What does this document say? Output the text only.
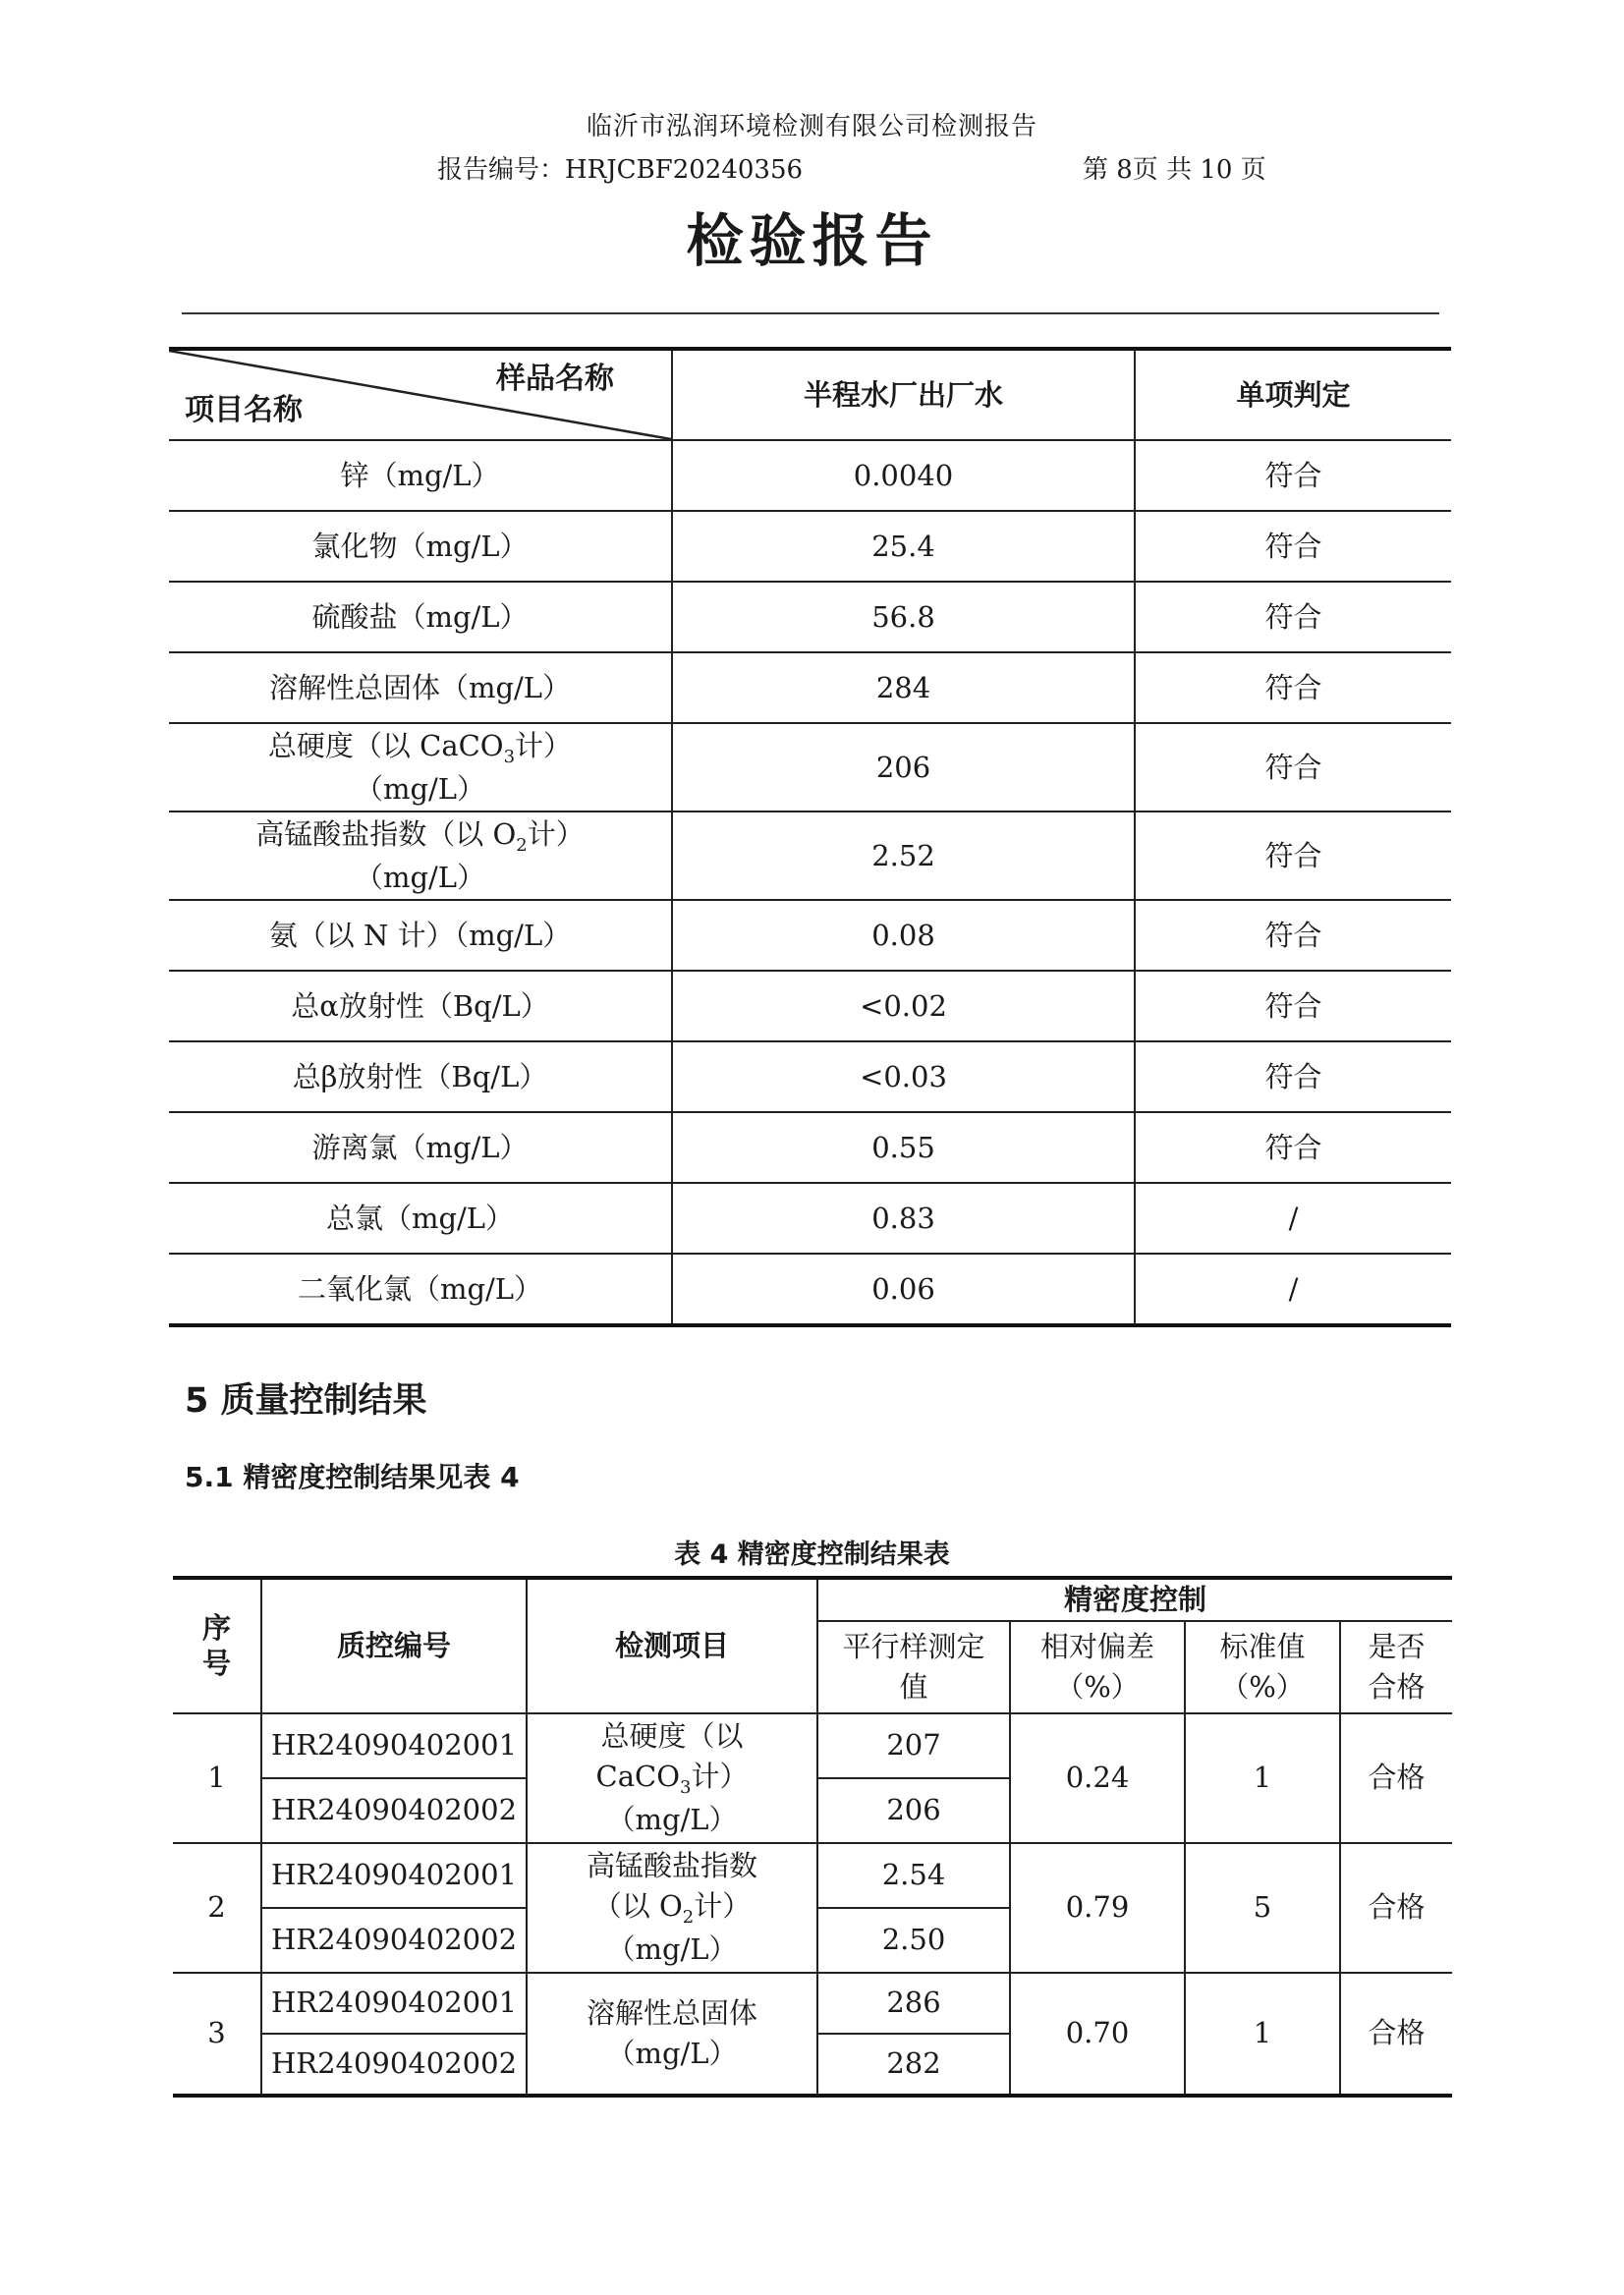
临沂市泓润环境检测有限公司检测报告
报告编号：HRJCBF20240356	第 8页 共 10 页
检验报告
样品名称
项目名称	半程水厂出厂水	单项判定
锌（mg/L）	0.0040	符合
氯化物（mg/L）	25.4	符合
硫酸盐（mg/L）	56.8	符合
溶解性总固体（mg/L）	284	符合
总硬度（以 CaCO$_3$计）
（mg/L）	206	符合
高锰酸盐指数（以 $O_2$计）
（mg/L）	2.52	符合
氨（以 N 计）（mg/L）	0.08	符合
总α放射性（Bq/L）	<0.02	符合
总β放射性（Bq/L）	<0.03	符合
游离氯（mg/L）	0.55	符合
总氯（mg/L）	0.83	/
二氧化氯（mg/L）	0.06	/
5 质量控制结果
5.1 精密度控制结果见表 4
表 4 精密度控制结果表
序号	质控编号	检测项目	精密度控制			
			平行样测定值	相对偏差（%）	标准值（%）	是否合格
1	HR24090402001	总硬度（以
CaCO$_3$计）
（mg/L）	207	0.24	1	合格
	HR24090402002		206			
2	HR24090402001	高锰酸盐指数
（以 $O_2$计）
（mg/L）	2.54	0.79	5	合格
	HR24090402002		2.50			
3	HR24090402001	溶解性总固体
（mg/L）	286	0.70	1	合格
	HR24090402002		282			
